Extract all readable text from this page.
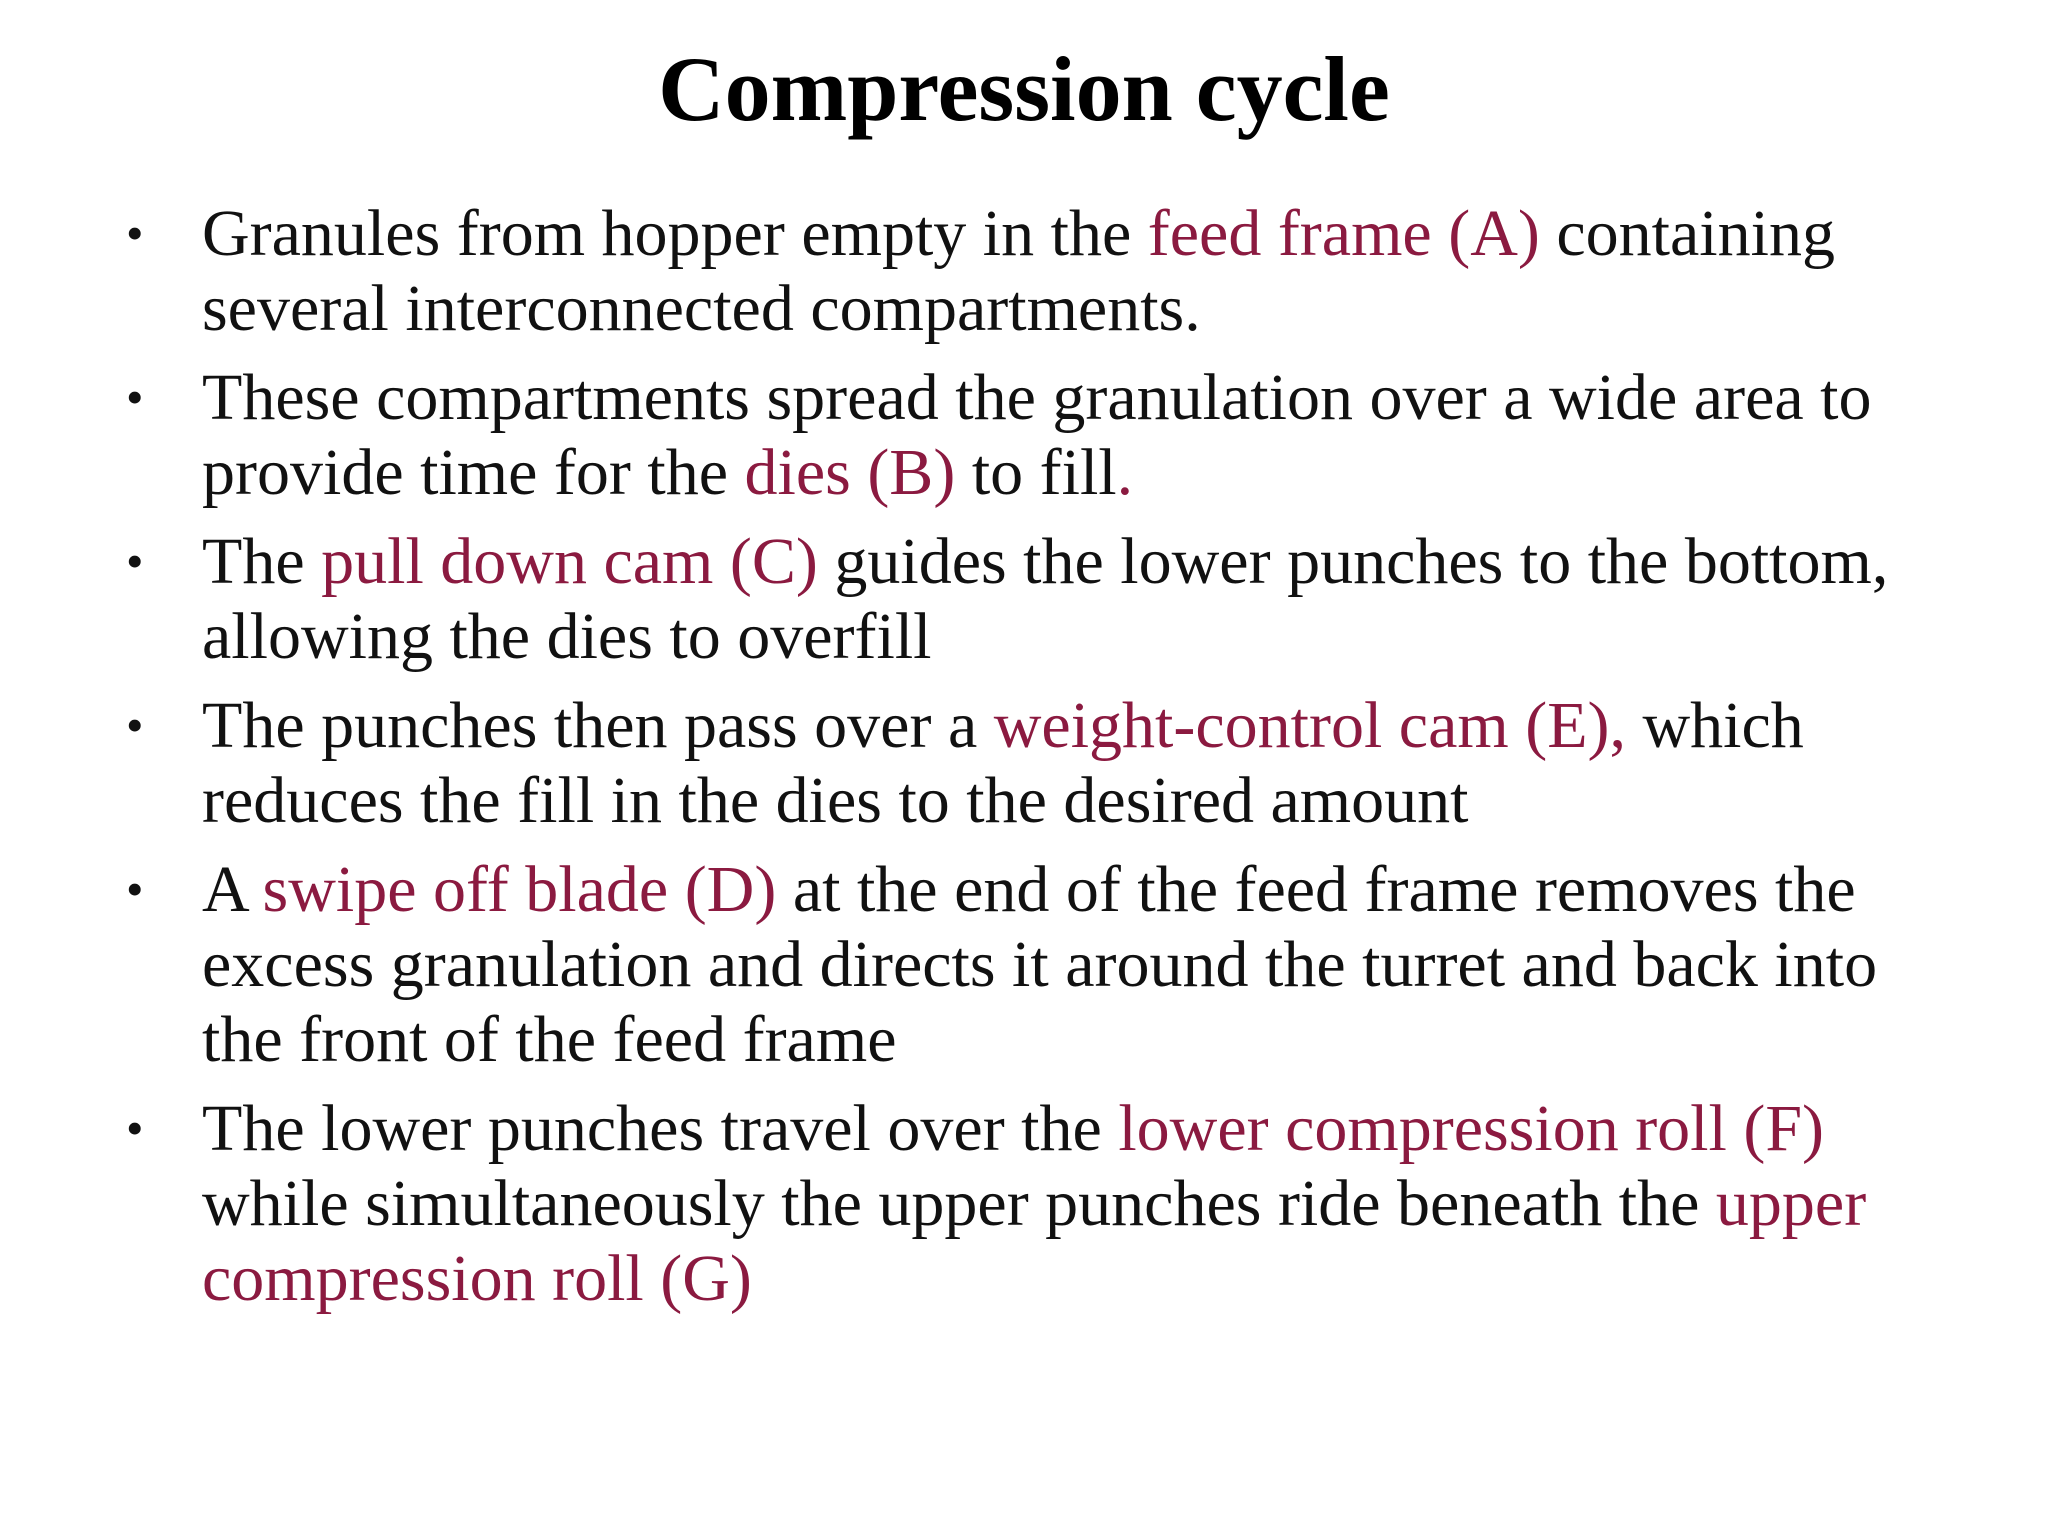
Compression cycle
• Granules from hopper empty in the feed frame (A) containing several interconnected compartments.
• These compartments spread the granulation over a wide area to provide time for the dies (B) to fill.
• The pull down cam (C) guides the lower punches to the bottom, allowing the dies to overfill
• The punches then pass over a weight-control cam (E), which reduces the fill in the dies to the desired amount
• A swipe off blade (D) at the end of the feed frame removes the excess granulation and directs it around the turret and back into the front of the feed frame
• The lower punches travel over the lower compression roll (F) while simultaneously the upper punches ride beneath the upper compression roll (G)
